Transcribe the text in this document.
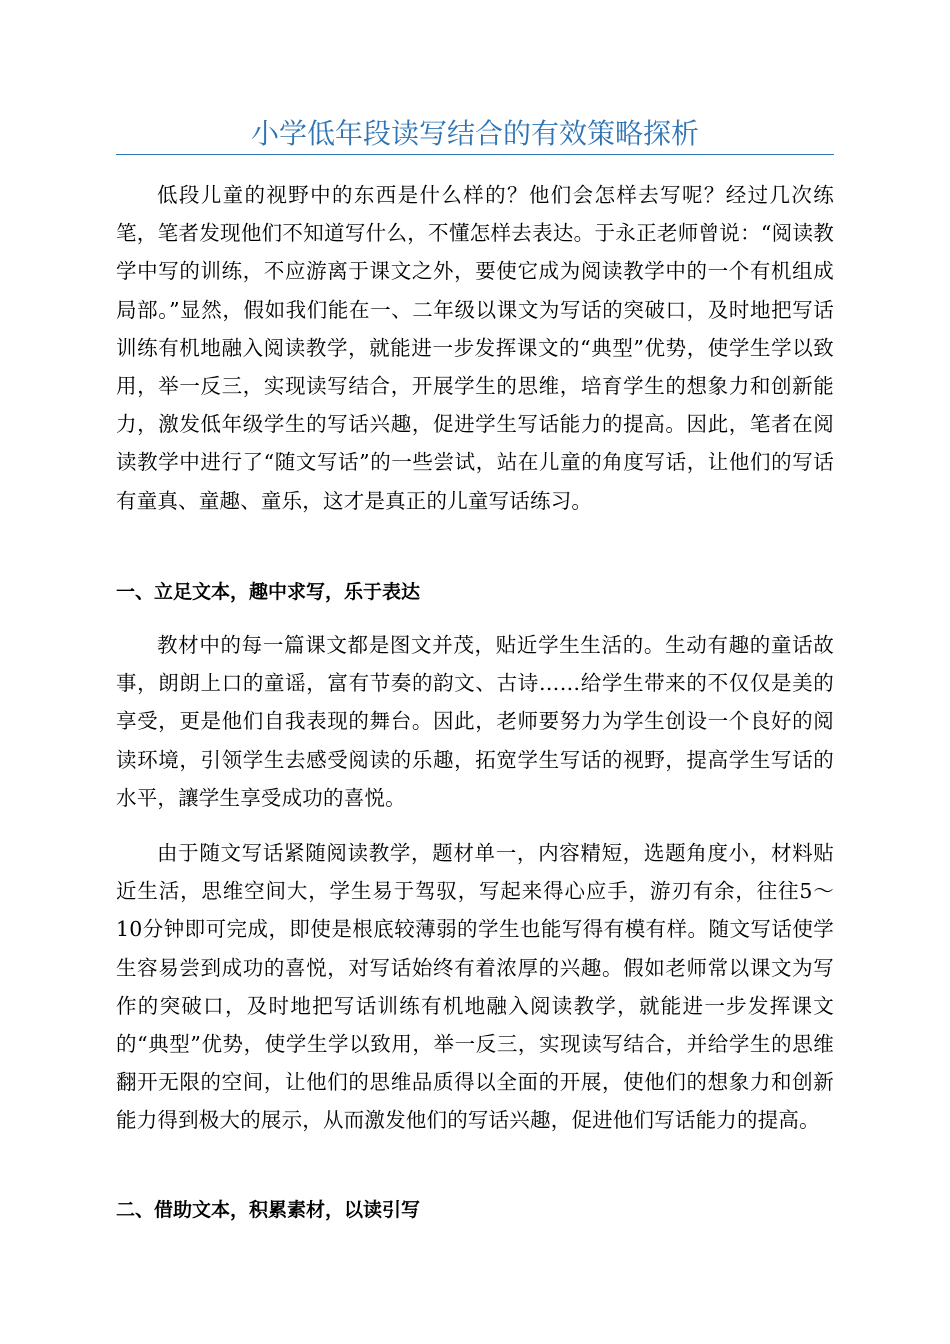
小学低年段读写结合的有效策略探析

低段儿童的视野中的东西是什么样的？他们会怎样去写呢？经过几次练笔，笔者发现他们不知道写什么，不懂怎样去表达。于永正老师曾说：“阅读教学中写的训练，不应游离于课文之外，要使它成为阅读教学中的一个有机组成局部。”显然，假如我们能在一、二年级以课文为写话的突破口，及时地把写话训练有机地融入阅读教学，就能进一步发挥课文的“典型”优势，使学生学以致用，举一反三，实现读写结合，开展学生的思维，培育学生的想象力和创新能力，激发低年级学生的写话兴趣，促进学生写话能力的提高。因此，笔者在阅读教学中进行了“随文写话”的一些尝试，站在儿童的角度写话，让他们的写话有童真、童趣、童乐，这才是真正的儿童写话练习。

一、立足文本，趣中求写，乐于表达

教材中的每一篇课文都是图文并茂，贴近学生生活的。生动有趣的童话故事，朗朗上口的童谣，富有节奏的韵文、古诗……给学生带来的不仅仅是美的享受，更是他们自我表现的舞台。因此，老师要努力为学生创设一个良好的阅读环境，引领学生去感受阅读的乐趣，拓宽学生写话的视野，提高学生写话的水平，讓学生享受成功的喜悦。

由于随文写话紧随阅读教学，题材单一，内容精短，选题角度小，材料贴近生活，思维空间大，学生易于驾驭，写起来得心应手，游刃有余，往往5～10分钟即可完成，即使是根底较薄弱的学生也能写得有模有样。随文写话使学生容易尝到成功的喜悦，对写话始终有着浓厚的兴趣。假如老师常以课文为写作的突破口，及时地把写话训练有机地融入阅读教学，就能进一步发挥课文的“典型”优势，使学生学以致用，举一反三，实现读写结合，并给学生的思维翻开无限的空间，让他们的思维品质得以全面的开展，使他们的想象力和创新能力得到极大的展示，从而激发他们的写话兴趣，促进他们写话能力的提高。

二、借助文本，积累素材，以读引写
